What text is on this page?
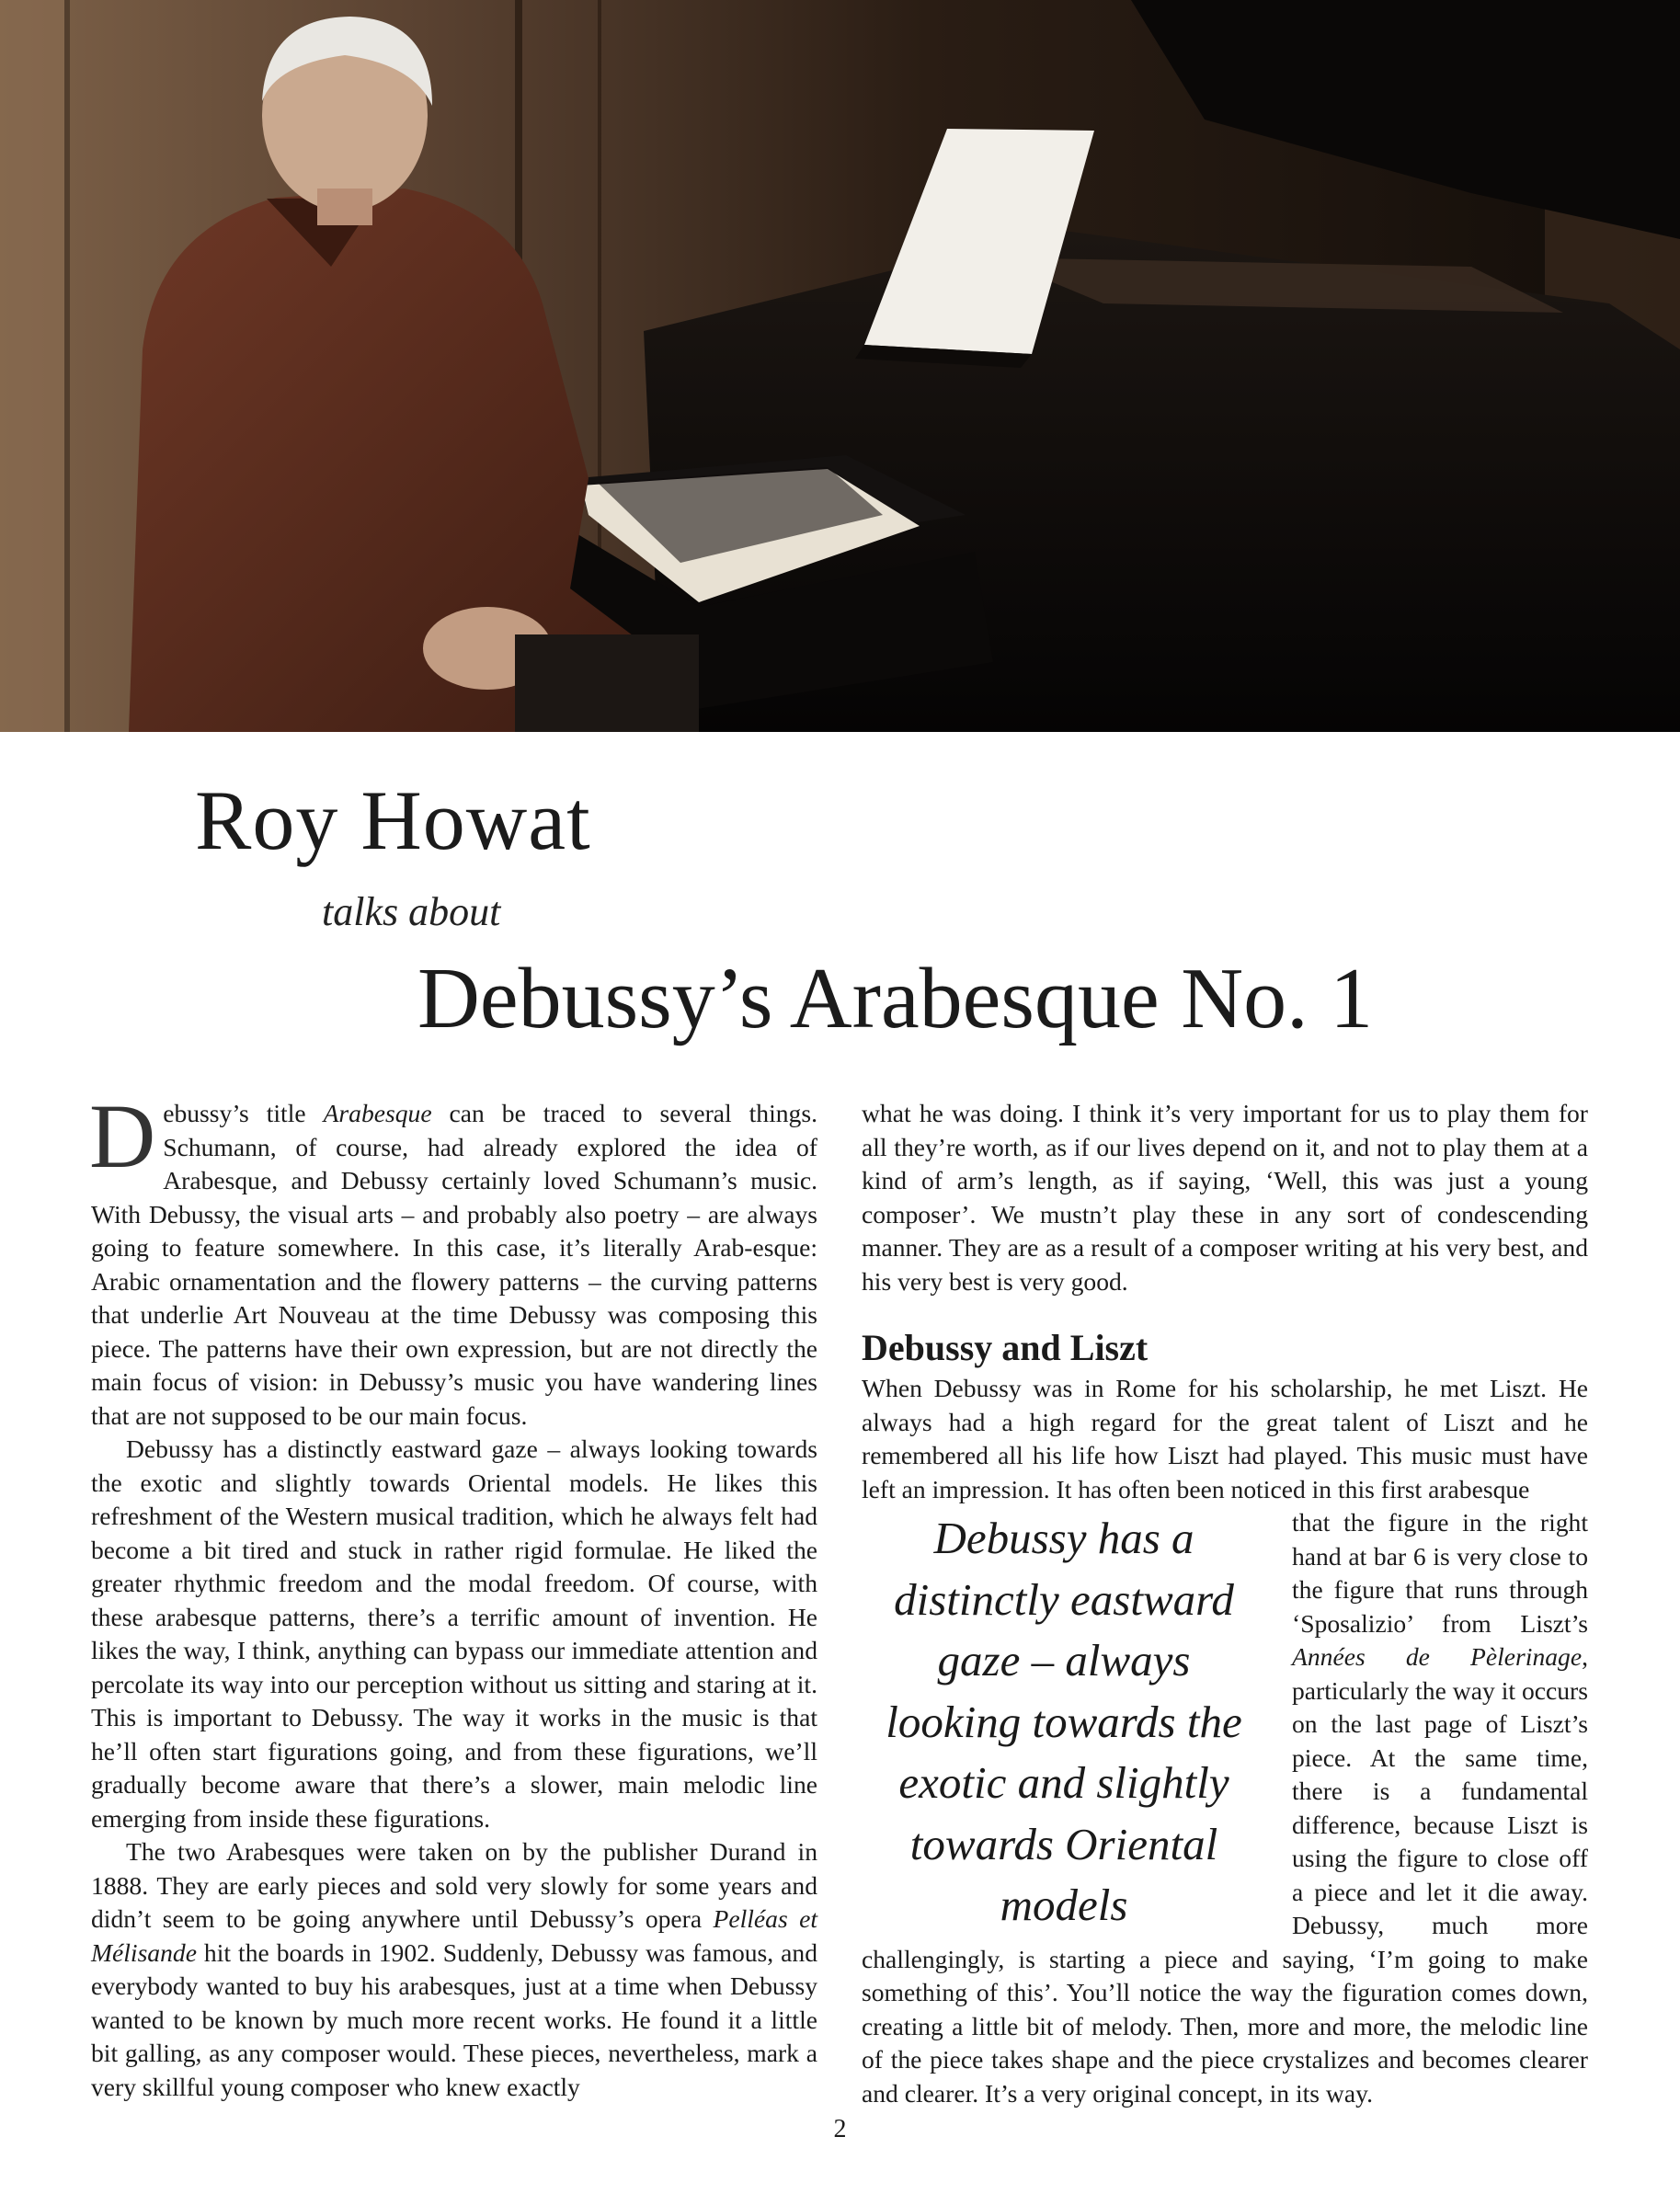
Roy Howat
talks about
Debussy’s Arabesque No. 1

Debussy’s title Arabesque can be traced to several things. Schumann, of course, had already explored the idea of Arabesque, and Debussy certainly loved Schumann’s music. With Debussy, the visual arts – and probably also poetry – are always going to feature somewhere. In this case, it’s literally Arab-esque: Arabic ornamentation and the flowery patterns – the curving patterns that underlie Art Nouveau at the time Debussy was composing this piece. The patterns have their own expression, but are not directly the main focus of vision: in Debussy’s music you have wandering lines that are not supposed to be our main focus.

Debussy has a distinctly eastward gaze – always looking towards the exotic and slightly towards Oriental models. He likes this refreshment of the Western musical tradition, which he always felt had become a bit tired and stuck in rather rigid formulae. He liked the greater rhythmic freedom and the modal freedom. Of course, with these arabesque patterns, there’s a terrific amount of invention. He likes the way, I think, anything can bypass our immediate attention and percolate its way into our perception without us sitting and staring at it. This is important to Debussy. The way it works in the music is that he’ll often start figurations going, and from these figurations, we’ll gradually become aware that there’s a slower, main melodic line emerging from inside these figurations.

The two Arabesques were taken on by the publisher Durand in 1888. They are early pieces and sold very slowly for some years and didn’t seem to be going anywhere until Debussy’s opera Pelléas et Mélisande hit the boards in 1902. Suddenly, Debussy was famous, and everybody wanted to buy his arabesques, just at a time when Debussy wanted to be known by much more recent works. He found it a little bit galling, as any composer would. These pieces, nevertheless, mark a very skillful young composer who knew exactly

what he was doing. I think it’s very important for us to play them for all they’re worth, as if our lives depend on it, and not to play them at a kind of arm’s length, as if saying, ‘Well, this was just a young composer’. We mustn’t play these in any sort of condescending manner. They are as a result of a composer writing at his very best, and his very best is very good.

Debussy and Liszt

When Debussy was in Rome for his scholarship, he met Liszt. He always had a high regard for the great talent of Liszt and he remembered all his life how Liszt had played. This music must have left an impression. It has often been noticed in this first arabesque

Debussy has a
distinctly eastward
gaze – always
looking towards the
exotic and slightly
towards Oriental
models
that the figure in the right hand at bar 6 is very close to the figure that runs through ‘Sposalizio’ from Liszt’s Années de Pèlerinage, particularly the way it occurs on the last page of Liszt’s piece. At the same time, there is a fundamental difference, because Liszt is using the figure to close off a piece and let it die away. Debussy, much more challengingly, is starting a piece and saying, ‘I’m going to make something of this’. You’ll notice the way the figuration comes down, creating a little bit of melody. Then, more and more, the melodic line of the piece takes shape and the piece crystalizes and becomes clearer and clearer. It’s a very original concept, in its way.

2
